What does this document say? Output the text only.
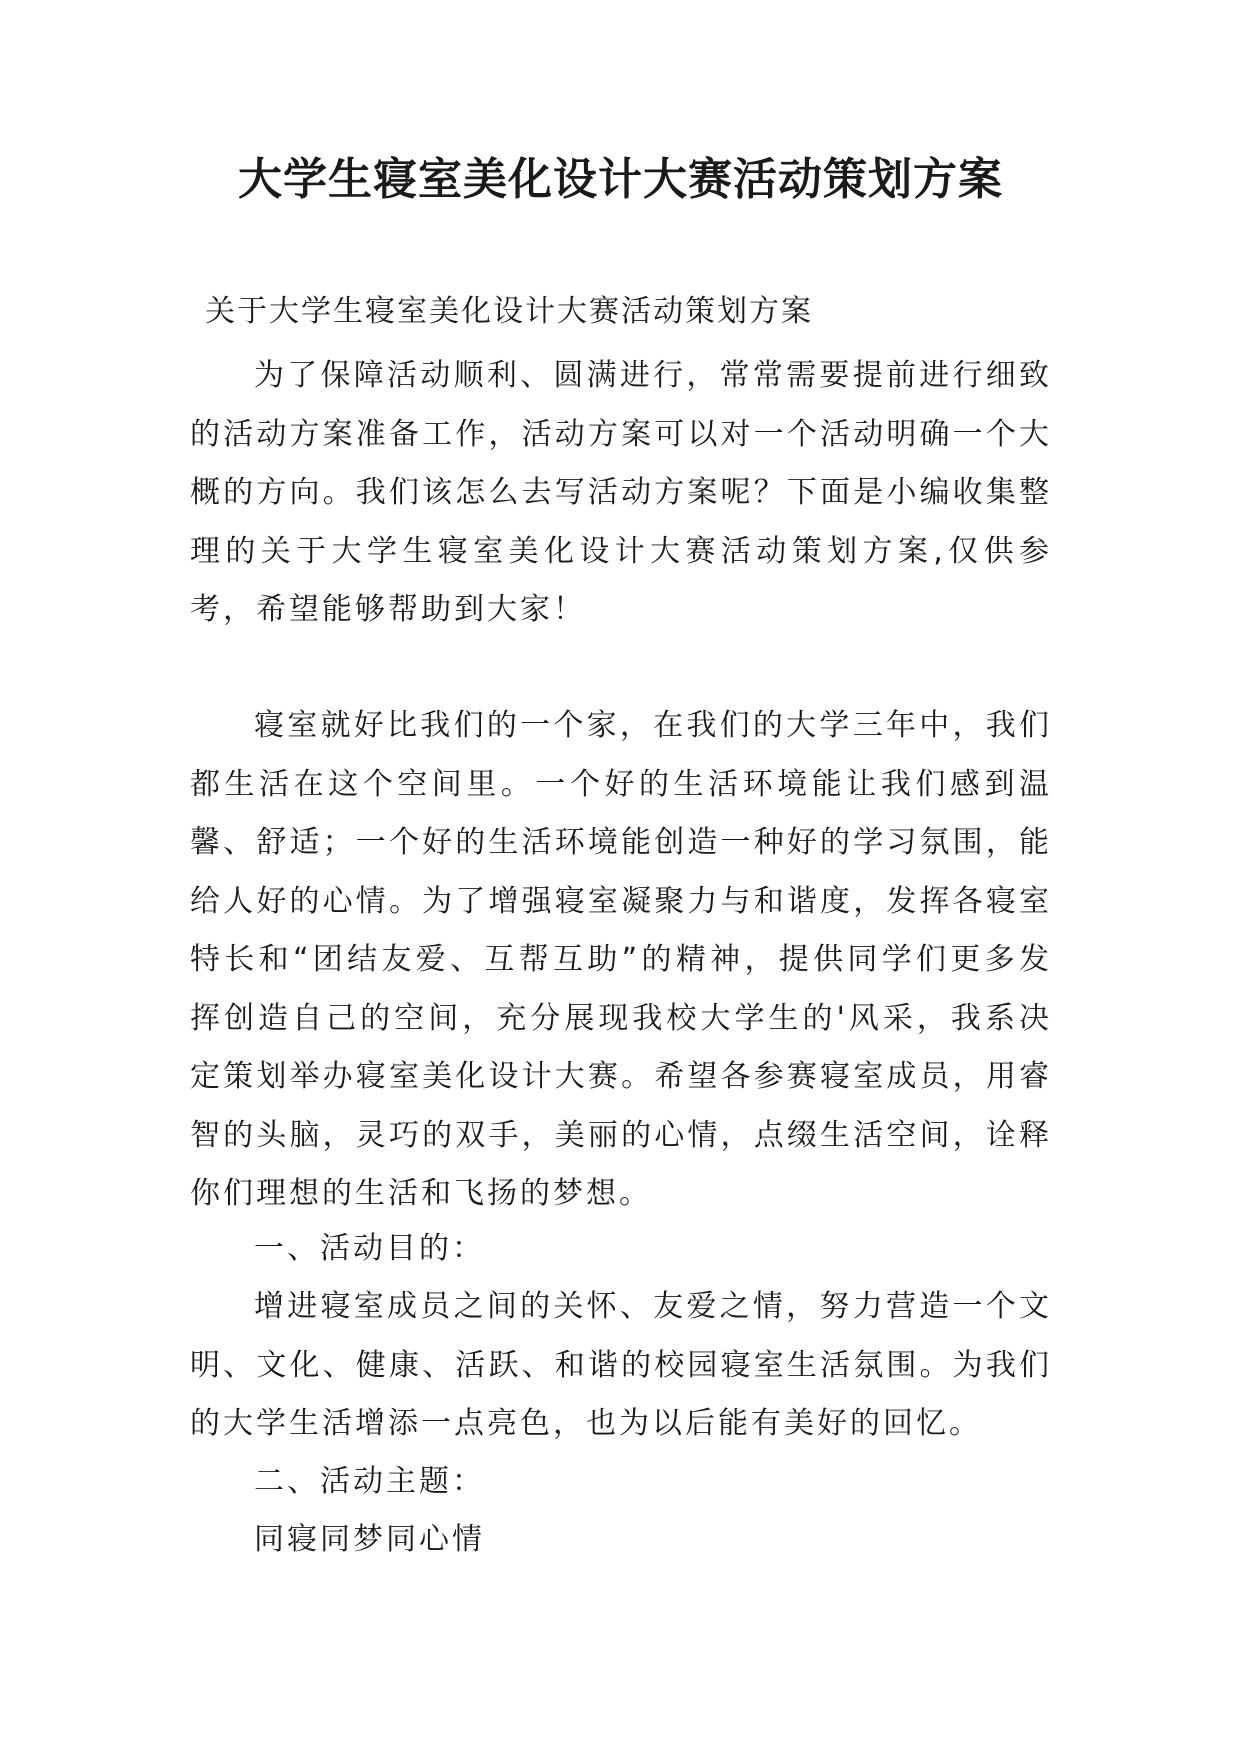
大学生寝室美化设计大赛活动策划方案

关于大学生寝室美化设计大赛活动策划方案

为了保障活动顺利、圆满进行，常常需要提前进行细致的活动方案准备工作，活动方案可以对一个活动明确一个大概的方向。我们该怎么去写活动方案呢？下面是小编收集整理的关于大学生寝室美化设计大赛活动策划方案,仅供参考，希望能够帮助到大家！

寝室就好比我们的一个家，在我们的大学三年中，我们都生活在这个空间里。一个好的生活环境能让我们感到温馨、舒适；一个好的生活环境能创造一种好的学习氛围，能给人好的心情。为了增强寝室凝聚力与和谐度，发挥各寝室特长和“团结友爱、互帮互助”的精神，提供同学们更多发挥创造自己的空间，充分展现我校大学生的'风采，我系决定策划举办寝室美化设计大赛。希望各参赛寝室成员，用睿智的头脑，灵巧的双手，美丽的心情，点缀生活空间，诠释你们理想的生活和飞扬的梦想。

一、活动目的：

增进寝室成员之间的关怀、友爱之情，努力营造一个文明、文化、健康、活跃、和谐的校园寝室生活氛围。为我们的大学生活增添一点亮色，也为以后能有美好的回忆。

二、活动主题：

同寝同梦同心情
